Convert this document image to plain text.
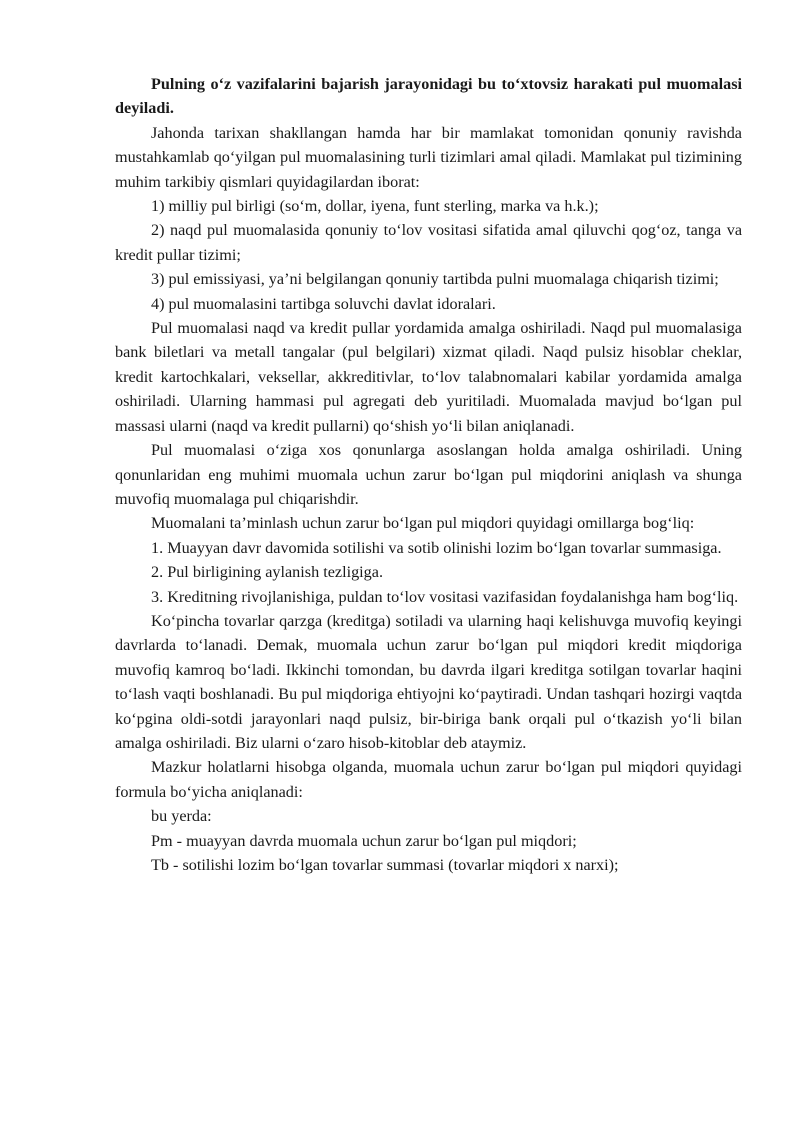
Pulning o‘z vazifalarini bajarish jarayonidagi bu to‘xtovsiz harakati pul muomalasi deyiladi.

Jahonda tarixan shakllangan hamda har bir mamlakat tomonidan qonuniy ravishda mustahkamlab qo‘yilgan pul muomalasining turli tizimlari amal qiladi. Mamlakat pul tizimining muhim tarkibiy qismlari quyidagilardan iborat:

1) milliy pul birligi (so‘m, dollar, iyena, funt sterling, marka va h.k.);

2) naqd pul muomalasida qonuniy to‘lov vositasi sifatida amal qiluvchi qog‘oz, tanga va kredit pullar tizimi;

3) pul emissiyasi, ya’ni belgilangan qonuniy tartibda pulni muomalaga chiqarish tizimi;

4) pul muomalasini tartibga soluvchi davlat idoralari.

Pul muomalasi naqd va kredit pullar yordamida amalga oshiriladi. Naqd pul muomalasiga bank biletlari va metall tangalar (pul belgilari) xizmat qiladi. Naqd pulsiz hisoblar cheklar, kredit kartochkalari, veksellar, akkreditivlar, to‘lov talabnomalari kabilar yordamida amalga oshiriladi. Ularning hammasi pul agregati deb yuritiladi. Muomalada mavjud bo‘lgan pul massasi ularni (naqd va kredit pullarni) qo‘shish yo‘li bilan aniqlanadi.

Pul muomalasi o‘ziga xos qonunlarga asoslangan holda amalga oshiriladi. Uning qonunlaridan eng muhimi muomala uchun zarur bo‘lgan pul miqdorini aniqlash va shunga muvofiq muomalaga pul chiqarishdir.

Muomalani ta’minlash uchun zarur bo‘lgan pul miqdori quyidagi omillarga bog‘liq:

1. Muayyan davr davomida sotilishi va sotib olinishi lozim bo‘lgan tovarlar summasiga.

2. Pul birligining aylanish tezligiga.

3. Kreditning rivojlanishiga, puldan to‘lov vositasi vazifasidan foydalanishga ham bog‘liq.

Ko‘pincha tovarlar qarzga (kreditga) sotiladi va ularning haqi kelishuvga muvofiq keyingi davrlarda to‘lanadi. Demak, muomala uchun zarur bo‘lgan pul miqdori kredit miqdoriga muvofiq kamroq bo‘ladi. Ikkinchi tomondan, bu davrda ilgari kreditga sotilgan tovarlar haqini to‘lash vaqti boshlanadi. Bu pul miqdoriga ehtiyojni ko‘paytiradi. Undan tashqari hozirgi vaqtda ko‘pgina oldi-sotdi jarayonlari naqd pulsiz, bir-biriga bank orqali pul o‘tkazish yo‘li bilan amalga oshiriladi. Biz ularni o‘zaro hisob-kitoblar deb ataymiz.

Mazkur holatlarni hisobga olganda, muomala uchun zarur bo‘lgan pul miqdori quyidagi formula bo‘yicha aniqlanadi:

bu yerda:

Pm - muayyan davrda muomala uchun zarur bo‘lgan pul miqdori;

Tb - sotilishi lozim bo‘lgan tovarlar summasi (tovarlar miqdori x narxi);
